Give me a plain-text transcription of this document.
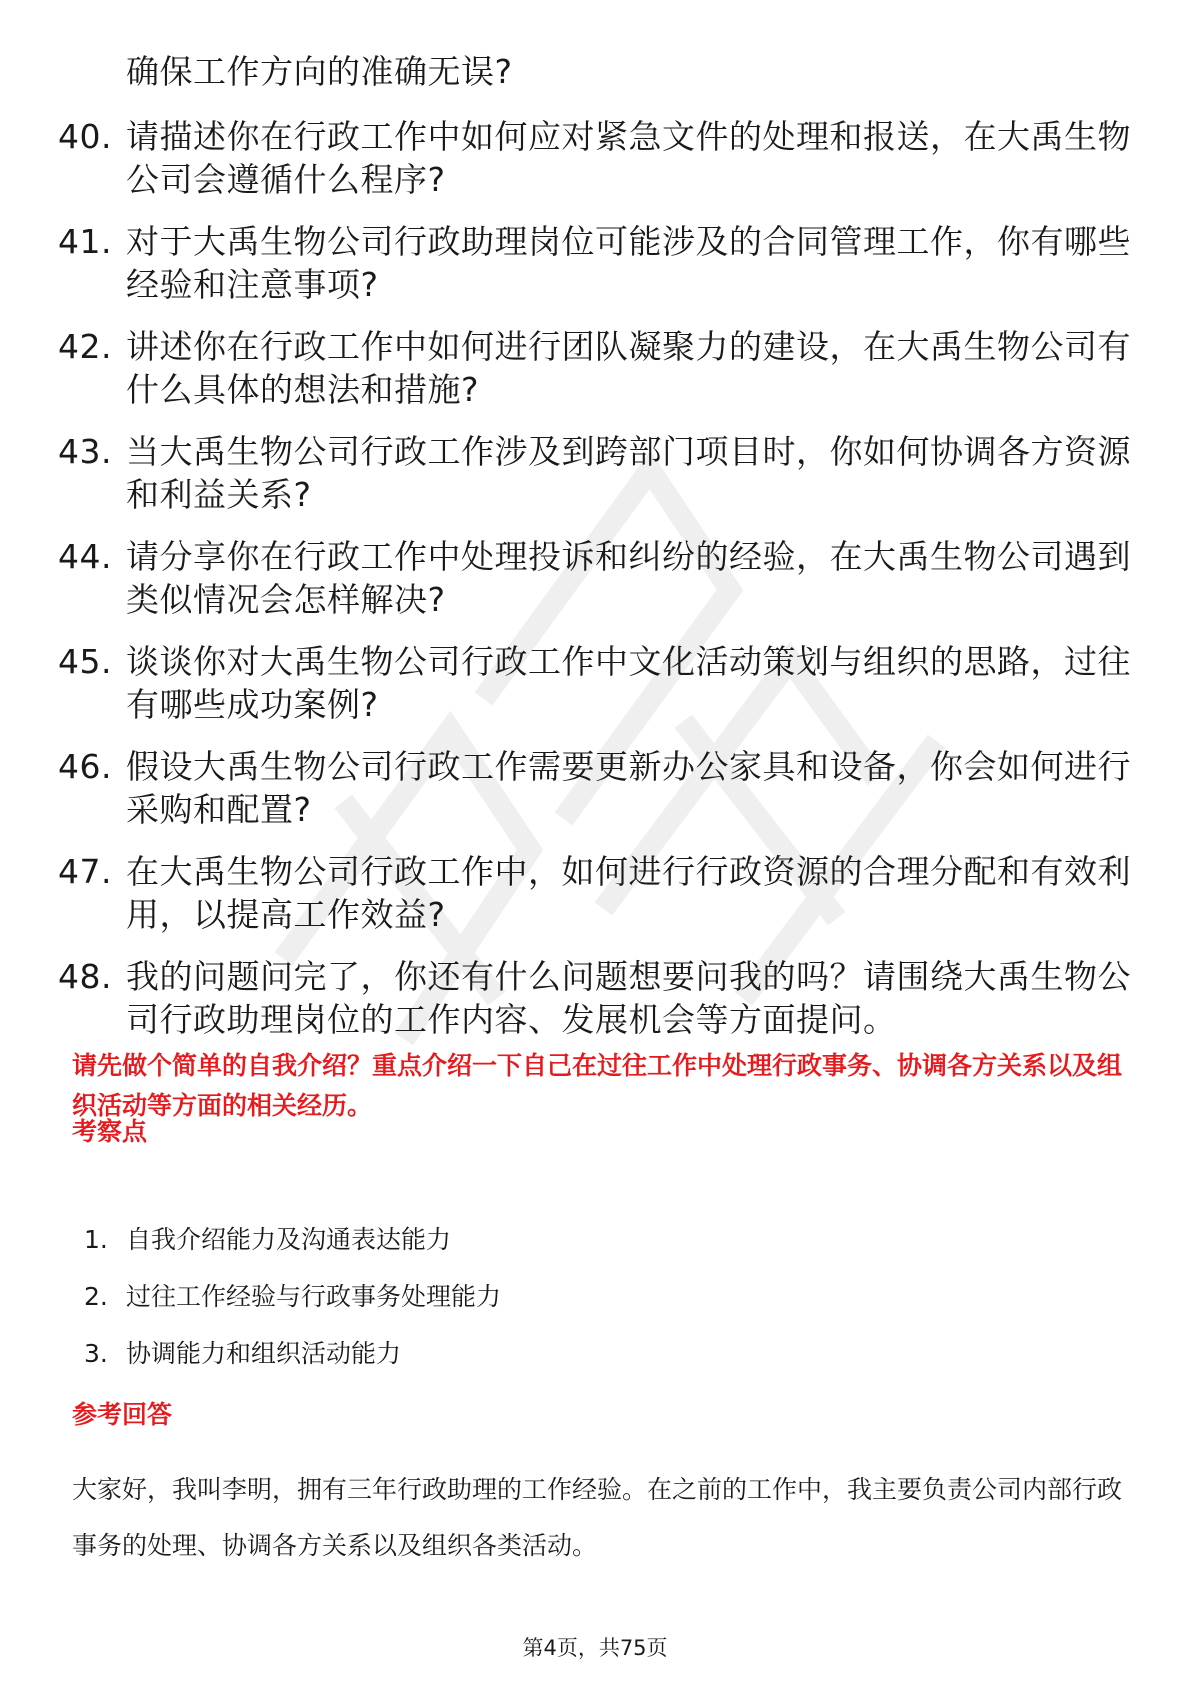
确保工作方向的准确无误?
40. 请描述你在行政工作中如何应对紧急文件的处理和报送，在大禹生物公司会遵循什么程序?
41. 对于大禹生物公司行政助理岗位可能涉及的合同管理工作，你有哪些经验和注意事项?
42. 讲述你在行政工作中如何进行团队凝聚力的建设，在大禹生物公司有什么具体的想法和措施?
43. 当大禹生物公司行政工作涉及到跨部门项目时，你如何协调各方资源和利益关系?
44. 请分享你在行政工作中处理投诉和纠纷的经验，在大禹生物公司遇到类似情况会怎样解决?
45. 谈谈你对大禹生物公司行政工作中文化活动策划与组织的思路，过往有哪些成功案例?
46. 假设大禹生物公司行政工作需要更新办公家具和设备，你会如何进行采购和配置?
47. 在大禹生物公司行政工作中，如何进行行政资源的合理分配和有效利用，以提高工作效益?
48. 我的问题问完了，你还有什么问题想要问我的吗？请围绕大禹生物公司行政助理岗位的工作内容、发展机会等方面提问。

请先做个简单的自我介绍？重点介绍一下自己在过往工作中处理行政事务、协调各方关系以及组织活动等方面的相关经历。

考察点
1. 自我介绍能力及沟通表达能力
2. 过往工作经验与行政事务处理能力
3. 协调能力和组织活动能力
参考回答

大家好，我叫李明，拥有三年行政助理的工作经验。在之前的工作中，我主要负责公司内部行政事务的处理、协调各方关系以及组织各类活动。

第4页，共75页
